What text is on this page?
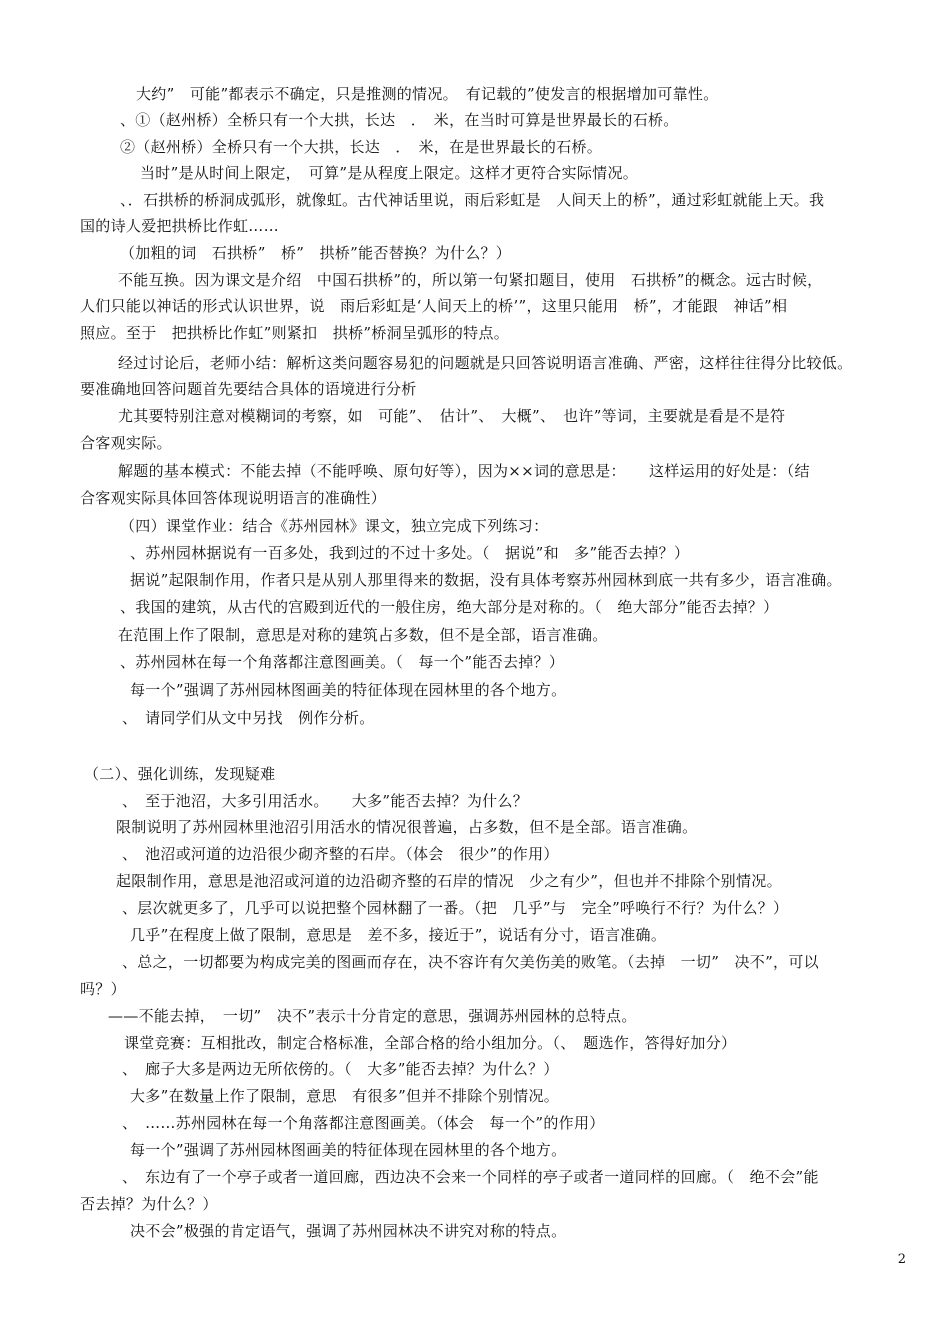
大约”　可能”都表示不确定，只是推测的情况。　有记载的”使发言的根据增加可靠性。
、①（赵州桥）全桥只有一个大拱，长达　．　米，在当时可算是世界最长的石桥。
②（赵州桥）全桥只有一个大拱，长达　．　米，在是世界最长的石桥。
当时”是从时间上限定，　可算”是从程度上限定。这样才更符合实际情况。
、．石拱桥的桥洞成弧形，就像虹。古代神话里说，雨后彩虹是　人间天上的桥”，通过彩虹就能上天。我
国的诗人爱把拱桥比作虹……
（加粗的词　石拱桥”　桥”　拱桥”能否替换？为什么？）
不能互换。因为课文是介绍　中国石拱桥”的，所以第一句紧扣题目，使用　石拱桥”的概念。远古时候，
人们只能以神话的形式认识世界，说　雨后彩虹是‘人间天上的桥’”，这里只能用　桥”，才能跟　神话”相
照应。至于　把拱桥比作虹”则紧扣　拱桥”桥洞呈弧形的特点。
经过讨论后，老师小结：解析这类问题容易犯的问题就是只回答说明语言准确、严密，这样往往得分比较低。
要准确地回答问题首先要结合具体的语境进行分析
尤其要特别注意对模糊词的考察，如　可能”、　估计”、　大概”、　也许”等词，主要就是看是不是符
合客观实际。
解题的基本模式：不能去掉（不能呼唤、原句好等），因为××词的意思是：　　这样运用的好处是：（结
合客观实际具体回答体现说明语言的准确性）
（四）课堂作业：结合《苏州园林》课文，独立完成下列练习：
、苏州园林据说有一百多处，我到过的不过十多处。（　据说”和　多”能否去掉？）
据说”起限制作用，作者只是从别人那里得来的数据，没有具体考察苏州园林到底一共有多少，语言准确。
、我国的建筑，从古代的宫殿到近代的一般住房，绝大部分是对称的。（　绝大部分”能否去掉？）
在范围上作了限制，意思是对称的建筑占多数，但不是全部，语言准确。
、苏州园林在每一个角落都注意图画美。（　每一个”能否去掉？）
每一个”强调了苏州园林图画美的特征体现在园林里的各个地方。
、　请同学们从文中另找　例作分析。
（二）、强化训练，发现疑难
、　至于池沼，大多引用活水。　　大多”能否去掉？为什么？
限制说明了苏州园林里池沼引用活水的情况很普遍，占多数，但不是全部。语言准确。
、　池沼或河道的边沿很少砌齐整的石岸。（体会　很少”的作用）
起限制作用，意思是池沼或河道的边沿砌齐整的石岸的情况　少之有少”，但也并不排除个别情况。
、层次就更多了，几乎可以说把整个园林翻了一番。（把　几乎”与　完全”呼唤行不行？为什么？）
几乎”在程度上做了限制，意思是　差不多，接近于”，说话有分寸，语言准确。
、总之，一切都要为构成完美的图画而存在，决不容许有欠美伤美的败笔。（去掉　一切”　决不”，可以
吗？）
——不能去掉，　一切”　决不”表示十分肯定的意思，强调苏州园林的总特点。
课堂竞赛：互相批改，制定合格标准，全部合格的给小组加分。（、　题选作，答得好加分）
、　廊子大多是两边无所依傍的。（　大多”能否去掉？为什么？）
大多”在数量上作了限制，意思　有很多”但并不排除个别情况。
、　……苏州园林在每一个角落都注意图画美。（体会　每一个”的作用）
每一个”强调了苏州园林图画美的特征体现在园林里的各个地方。
、　东边有了一个亭子或者一道回廊，西边决不会来一个同样的亭子或者一道同样的回廊。（　绝不会”能
否去掉？为什么？）
决不会”极强的肯定语气，强调了苏州园林决不讲究对称的特点。
2
